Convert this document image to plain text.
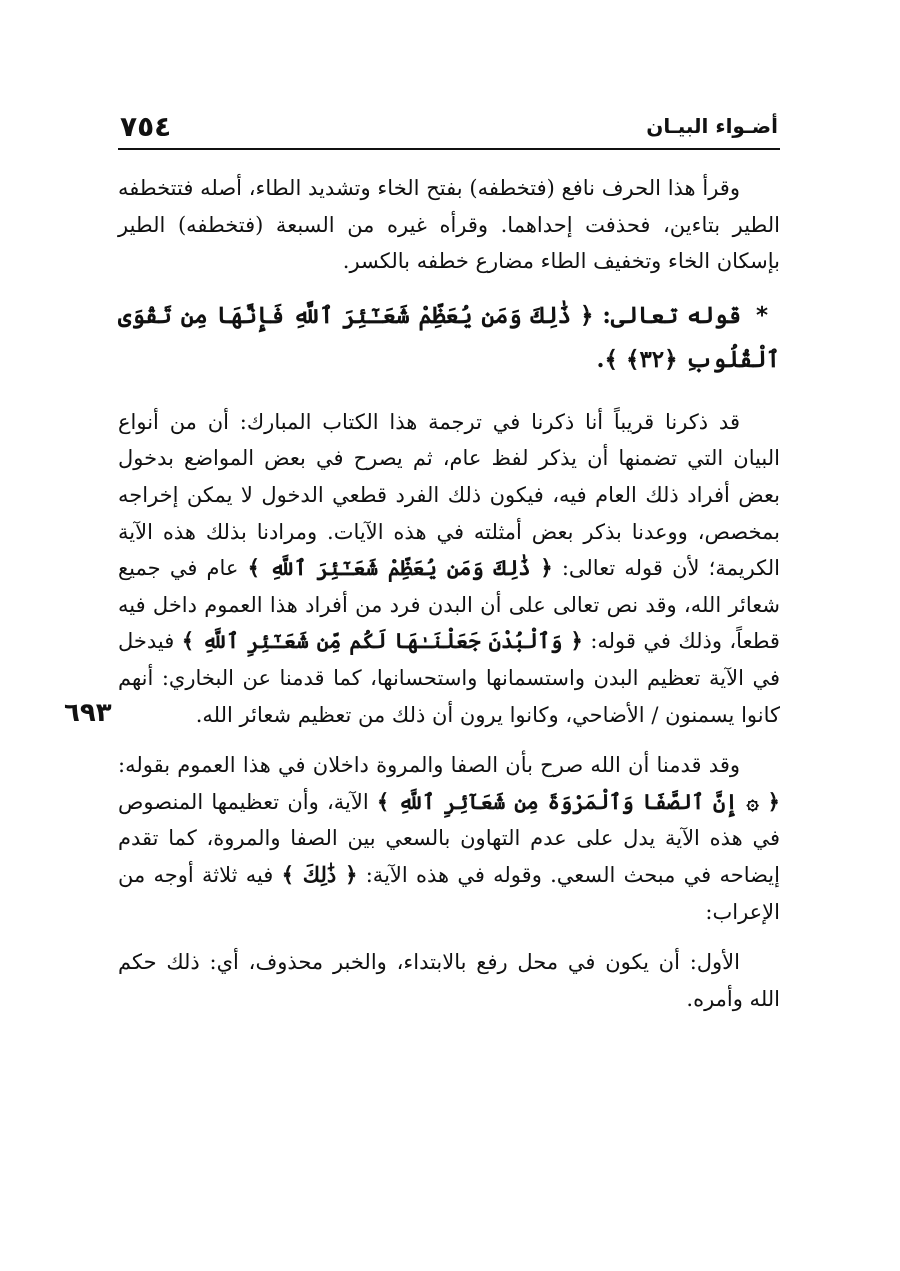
٧٥٤	أضـواء البيـان

وقرأ هذا الحرف نافع (فتخطفه) بفتح الخاء وتشديد الطاء، أصله فتتخطفه الطير بتاءين، فحذفت إحداهما. وقرأه غيره من السبعة (فتخطفه) الطير بإسكان الخاء وتخفيف الطاء مضارع خطفه بالكسر.

* قوله تعالى: ﴿ ذَٰلِكَ وَمَن يُعَظِّمْ شَعَـٰٓئِرَ ٱللَّهِ فَإِنَّهَا مِن تَقْوَى ٱلْقُلُوبِ ﴿٣٢﴾ ﴾.

قد ذكرنا قريباً أنا ذكرنا في ترجمة هذا الكتاب المبارك: أن من أنواع البيان التي تضمنها أن يذكر لفظ عام، ثم يصرح في بعض المواضع بدخول بعض أفراد ذلك العام فيه، فيكون ذلك الفرد قطعي الدخول لا يمكن إخراجه بمخصص، ووعدنا بذكر بعض أمثلته في هذه الآيات. ومرادنا بذلك هذه الآية الكريمة؛ لأن قوله تعالى: ﴿ ذَٰلِكَ وَمَن يُعَظِّمْ شَعَـٰٓئِرَ ٱللَّهِ ﴾ عام في جميع شعائر الله، وقد نص تعالى على أن البدن فرد من أفراد هذا العموم داخل فيه قطعاً، وذلك في قوله: ﴿ وَٱلْبُدْنَ جَعَلْنَـٰهَا لَكُم مِّن شَعَـٰٓئِرِ ٱللَّهِ ﴾ فيدخل في الآية تعظيم البدن واستسمانها واستحسانها، كما قدمنا عن البخاري: أنهم كانوا يسمنون / الأضاحي، وكانوا يرون أن ذلك من تعظيم شعائر الله.
٦٩٣

وقد قدمنا أن الله صرح بأن الصفا والمروة داخلان في هذا العموم بقوله: ﴿ ۞ إِنَّ ٱلصَّفَا وَٱلْمَرْوَةَ مِن شَعَآئِرِ ٱللَّهِ ﴾ الآية، وأن تعظيمها المنصوص في هذه الآية يدل على عدم التهاون بالسعي بين الصفا والمروة، كما تقدم إيضاحه في مبحث السعي. وقوله في هذه الآية: ﴿ ذَٰلِكَ ﴾ فيه ثلاثة أوجه من الإعراب:

الأول: أن يكون في محل رفع بالابتداء، والخبر محذوف، أي: ذلك حكم الله وأمره.
